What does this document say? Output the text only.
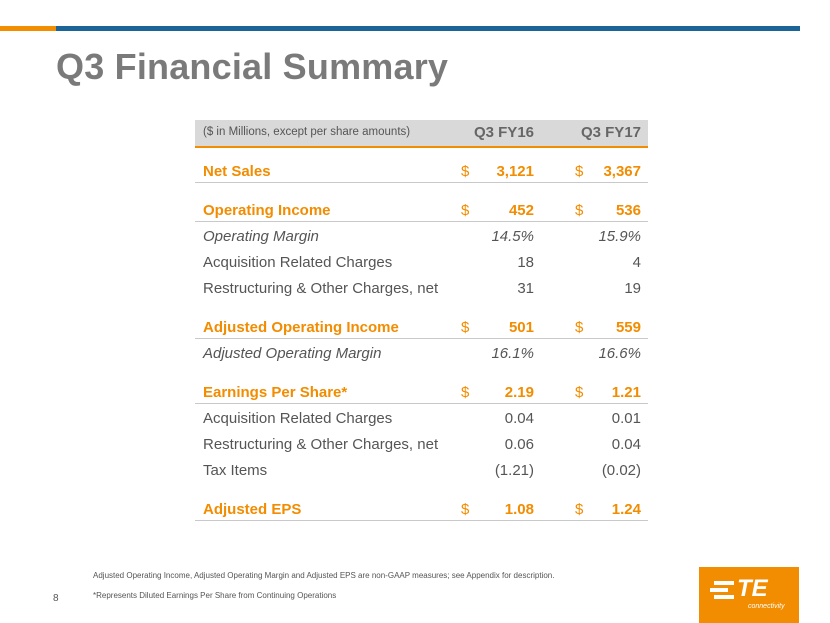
Q3 Financial Summary
($ in Millions, except per share amounts)	Q3 FY16	Q3 FY17
Net Sales	$ 3,121	$ 3,367
Operating Income	$	452	$ 536
Operating Margin	14.5%	15.9%
Acquisition Related Charges	18	4
Restructuring & Other Charges, net	31	19
Adjusted Operating Income	$	501	$ 559
Adjusted Operating Margin	16.1%	16.6%
Earnings Per Share*	$ 2.19	$ 1.21
Acquisition Related Charges	0.04	0.01
Restructuring & Other Charges, net	0.06	0.04
Tax Items	(1.21)	(0.02)
Adjusted EPS	$ 1.08	$ 1.24
Adjusted Operating Income, Adjusted Operating Margin and Adjusted EPS are non-GAAP measures; see Appendix for description.
*Represents Diluted Earnings Per Share from Continuing Operations
8	TE
connectivity
